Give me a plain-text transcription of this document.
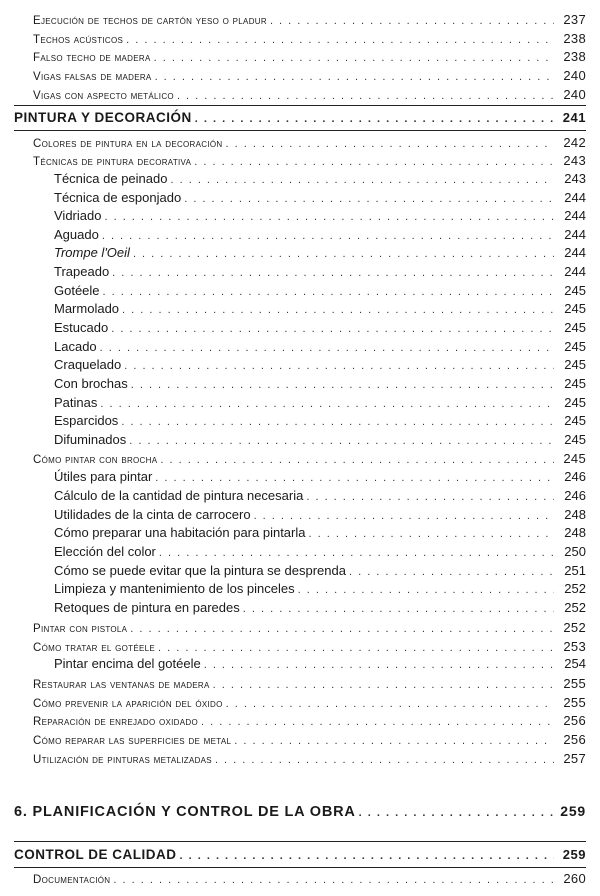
Ejecución de techos de cartón yeso o pladur . . .	237
Techos acústicos . . .	238
Falso techo de madera . . .	238
Vigas falsas de madera . . .	240
Vigas con aspecto metálico . . .	240
PINTURA Y DECORACIÓN . . .	241
Colores de pintura en la decoración . . .	242
Técnicas de pintura decorativa . . .	243
Técnica de peinado . . .	243
Técnica de esponjado . . .	244
Vidriado . . .	244
Aguado . . .	244
Trompe l'Oeil . . .	244
Trapeado . . .	244
Gotéele . . .	245
Marmolado . . .	245
Estucado . . .	245
Lacado . . .	245
Craquelado . . .	245
Con brochas . . .	245
Patinas . . .	245
Esparcidos . . .	245
Difuminados . . .	245
Cómo pintar con brocha . . .	245
Útiles para pintar . . .	246
Cálculo de la cantidad de pintura necesaria . . .	246
Utilidades de la cinta de carrocero . . .	248
Cómo preparar una habitación para pintarla . . .	248
Elección del color . . .	250
Cómo se puede evitar que la pintura se desprenda . . .	251
Limpieza y mantenimiento de los pinceles . . .	252
Retoques de pintura en paredes . . .	252
Pintar con pistola . . .	252
Cómo tratar el gotéele . . .	253
Pintar encima del gotéele . . .	254
Restaurar las ventanas de madera . . .	255
Cómo prevenir la aparición del óxido . . .	255
Reparación de enrejado oxidado . . .	256
Cómo reparar las superficies de metal . . .	256
Utilización de pinturas metalizadas . . .	257
6. PLANIFICACIÓN Y CONTROL DE LA OBRA . . .	259
CONTROL DE CALIDAD . . .	259
Documentación . . .	260
